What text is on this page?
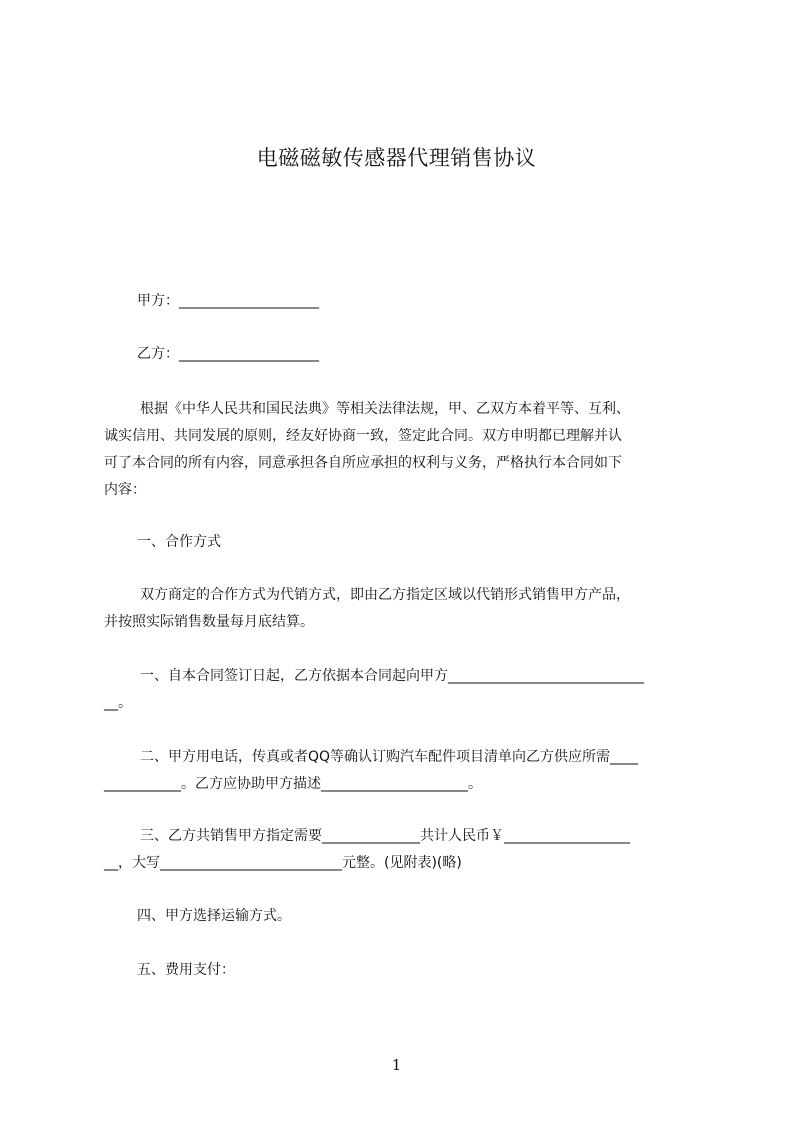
电磁磁敏传感器代理销售协议
甲方：____________________
乙方：____________________
根据《中华人民共和国民法典》等相关法律法规，甲、乙双方本着平等、互利、
诚实信用、共同发展的原则，经友好协商一致，签定此合同。双方申明都已理解并认
可了本合同的所有内容，同意承担各自所应承担的权利与义务，严格执行本合同如下
内容：
一、合作方式
双方商定的合作方式为代销方式，即由乙方指定区域以代销形式销售甲方产品，
并按照实际销售数量每月底结算。
一、自本合同签订日起，乙方依据本合同起向甲方____________________________
__。
二、甲方用电话，传真或者QQ等确认订购汽车配件项目清单向乙方供应所需____
___________。乙方应协助甲方描述_____________________。
三、乙方共销售甲方指定需要______________共计人民币￥__________________
__，大写__________________________元整。(见附表)(略)
四、甲方选择运输方式。
五、费用支付：
1
